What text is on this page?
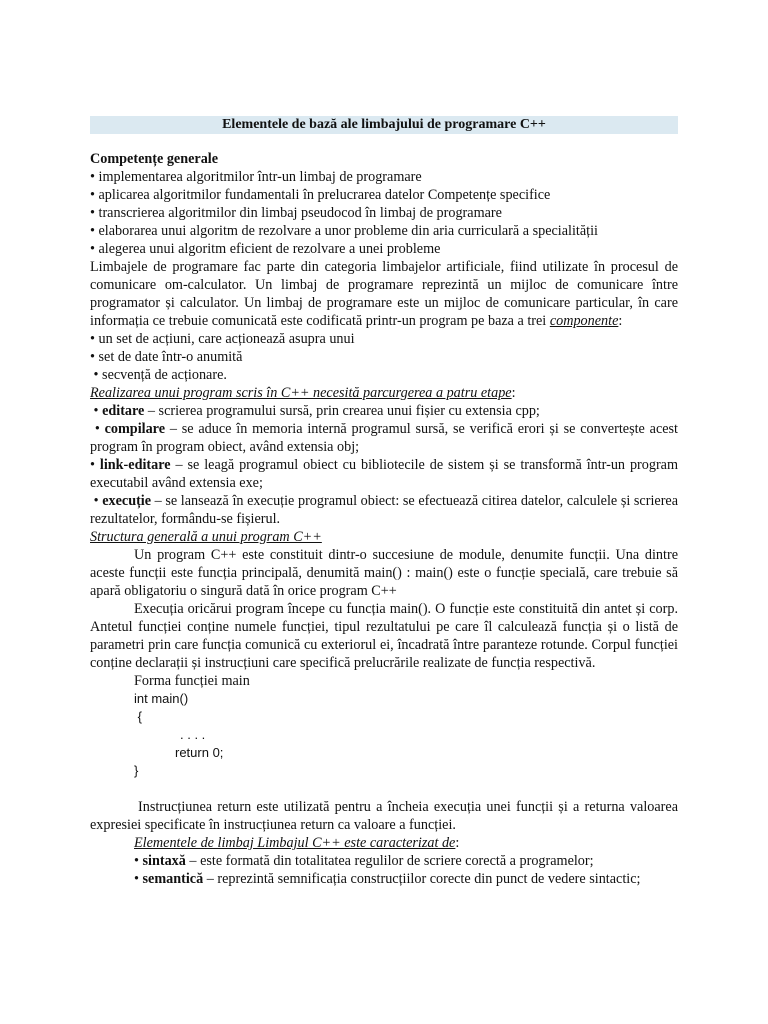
Elementele de bază ale limbajului de programare C++
Competențe generale
• implementarea algoritmilor într-un limbaj de programare
• aplicarea algoritmilor fundamentali în prelucrarea datelor Competențe specifice
• transcrierea algoritmilor din limbaj pseudocod în limbaj de programare
• elaborarea unui algoritm de rezolvare a unor probleme din aria curriculară a specialității
• alegerea unui algoritm eficient de rezolvare a unei probleme

Limbajele de programare fac parte din categoria limbajelor artificiale, fiind utilizate în procesul de comunicare om-calculator. Un limbaj de programare reprezintă un mijloc de comunicare între programator și calculator. Un limbaj de programare este un mijloc de comunicare particular, în care informația ce trebuie comunicată este codificată printr-un program pe baza a trei componente:

• un set de acțiuni, care acționează asupra unui
• set de date într-o anumită
• secvență de acționare.
Realizarea unui program scris în C++ necesită parcurgerea a patru etape:

• editare – scrierea programului sursă, prin crearea unui fișier cu extensia cpp;

• compilare – se aduce în memoria internă programul sursă, se verifică erori și se convertește acest program în program obiect, având extensia obj;

• link-editare – se leagă programul obiect cu bibliotecile de sistem și se transformă într-un program executabil având extensia exe;

• execuție – se lansează în execuție programul obiect: se efectuează citirea datelor, calculele și scrierea rezultatelor, formându-se fișierul.

Structura generală a unui program C++

Un program C++ este constituit dintr-o succesiune de module, denumite funcții. Una dintre aceste funcții este funcția principală, denumită main() : main() este o funcție specială, care trebuie să apară obligatoriu o singură dată în orice program C++

Execuția oricărui program începe cu funcția main(). O funcție este constituită din antet și corp. Antetul funcției conține numele funcției, tipul rezultatului pe care îl calculează funcția și o listă de parametri prin care funcția comunică cu exteriorul ei, încadrată între paranteze rotunde. Corpul funcției conține declarații și instrucțiuni care specifică prelucrările realizate de funcția respectivă.

Forma funcției main
int main()
{
. . . .
return 0;
}

Instrucțiunea return este utilizată pentru a încheia execuția unei funcții și a returna valoarea expresiei specificate în instrucțiunea return ca valoare a funcției.

Elementele de limbaj Limbajul C++ este caracterizat de:
• sintaxă – este formată din totalitatea regulilor de scriere corectă a programelor;
• semantică – reprezintă semnificația construcțiilor corecte din punct de vedere sintactic;
